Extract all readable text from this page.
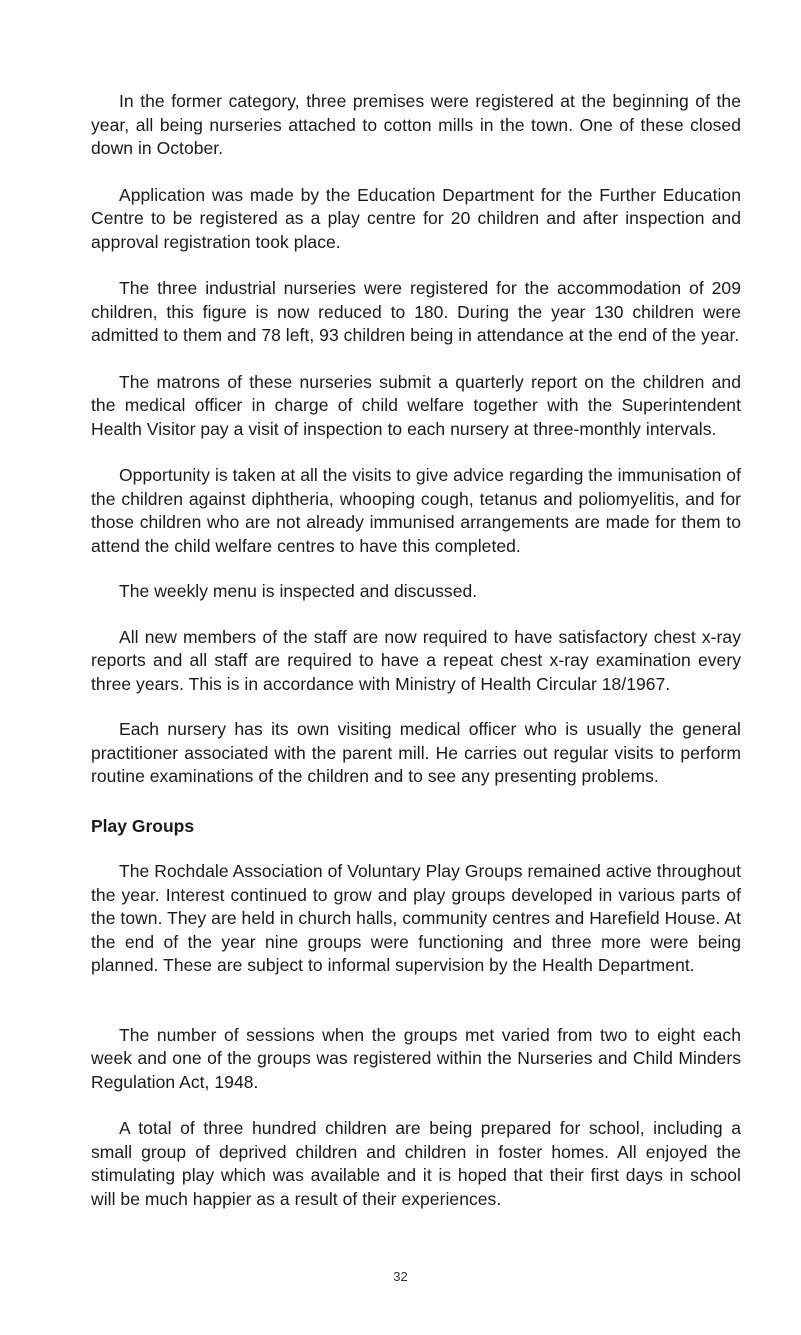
In the former category, three premises were registered at the beginning of the year, all being nurseries attached to cotton mills in the town. One of these closed down in October.

Application was made by the Education Department for the Further Education Centre to be registered as a play centre for 20 children and after inspection and approval registration took place.

The three industrial nurseries were registered for the accommodation of 209 children, this figure is now reduced to 180. During the year 130 children were admitted to them and 78 left, 93 children being in attendance at the end of the year.

The matrons of these nurseries submit a quarterly report on the children and the medical officer in charge of child welfare together with the Superintendent Health Visitor pay a visit of inspection to each nursery at three-monthly intervals.

Opportunity is taken at all the visits to give advice regarding the immunisation of the children against diphtheria, whooping cough, tetanus and poliomyelitis, and for those children who are not already immunised arrangements are made for them to attend the child welfare centres to have this completed.

The weekly menu is inspected and discussed.

All new members of the staff are now required to have satisfactory chest x-ray reports and all staff are required to have a repeat chest x-ray examination every three years. This is in accordance with Ministry of Health Circular 18/1967.

Each nursery has its own visiting medical officer who is usually the general practitioner associated with the parent mill. He carries out regular visits to perform routine examinations of the children and to see any presenting problems.

Play Groups

The Rochdale Association of Voluntary Play Groups remained active throughout the year. Interest continued to grow and play groups developed in various parts of the town. They are held in church halls, community centres and Harefield House. At the end of the year nine groups were functioning and three more were being planned. These are subject to informal supervision by the Health Department.

The number of sessions when the groups met varied from two to eight each week and one of the groups was registered within the Nurseries and Child Minders Regulation Act, 1948.

A total of three hundred children are being prepared for school, including a small group of deprived children and children in foster homes. All enjoyed the stimulating play which was available and it is hoped that their first days in school will be much happier as a result of their experiences.

32
